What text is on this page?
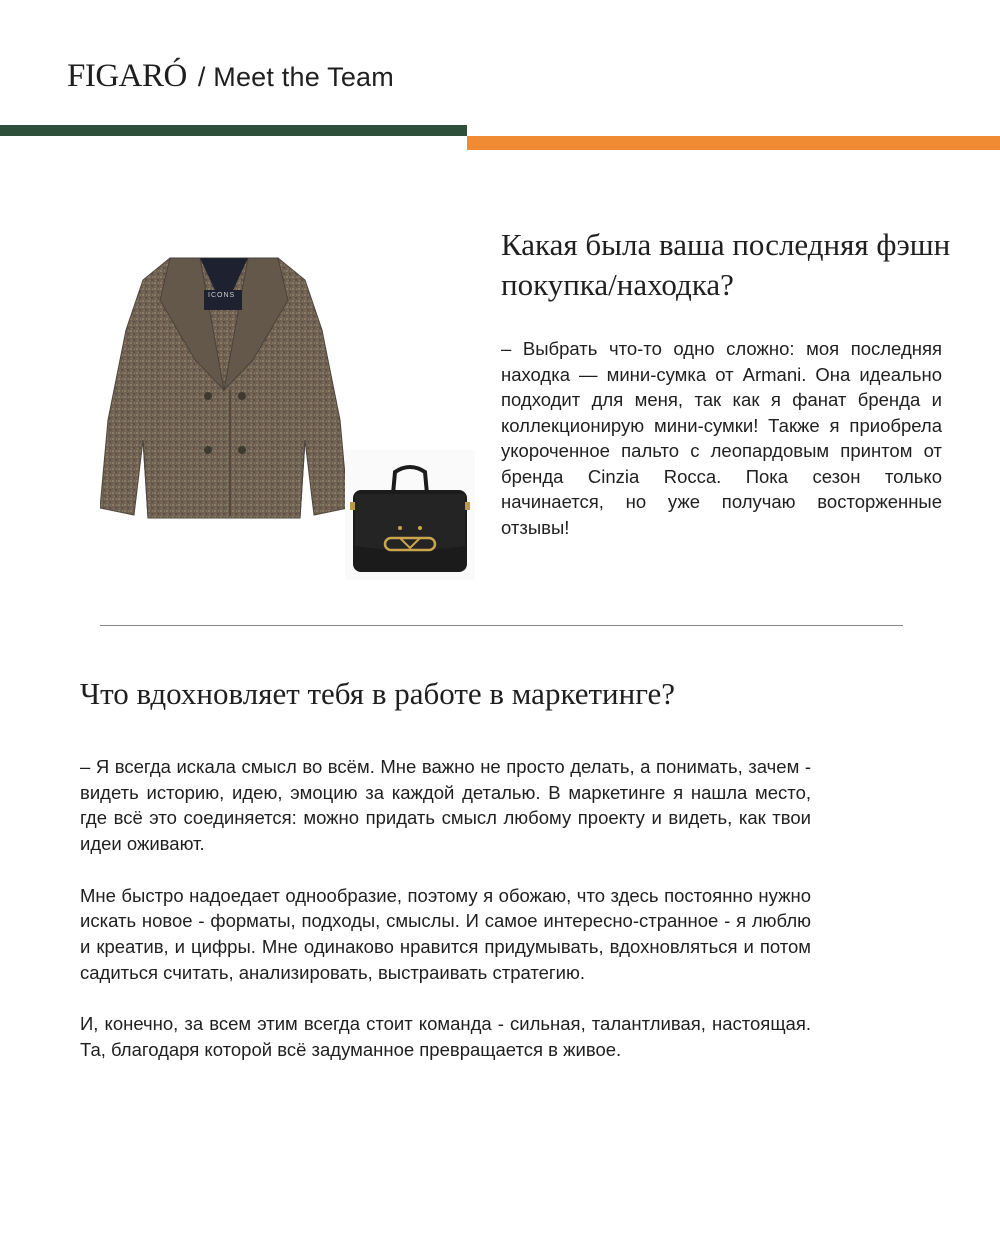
FIGARÓ / Meet the Team
ICONS
Какая была ваша последняя фэшн покупка/находка?
– Выбрать что-то одно сложно: моя последняя находка — мини-сумка от Armani. Она идеально подходит для меня, так как я фанат бренда и коллекционирую мини-сумки! Также я приобрела укороченное пальто с леопардовым принтом от бренда Cinzia Rocca. Пока сезон только начинается, но уже получаю восторженные отзывы!
Что вдохновляет тебя в работе в маркетинге?

– Я всегда искала смысл во всём. Мне важно не просто делать, а понимать, зачем - видеть историю, идею, эмоцию за каждой деталью. В маркетинге я нашла место, где всё это соединяется: можно придать смысл любому проекту и видеть, как твои идеи оживают.

Мне быстро надоедает однообразие, поэтому я обожаю, что здесь постоянно нужно искать новое - форматы, подходы, смыслы. И самое интересно-странное - я люблю и креатив, и цифры. Мне одинаково нравится придумывать, вдохновляться и потом садиться считать, анализировать, выстраивать стратегию.

И, конечно, за всем этим всегда стоит команда - сильная, талантливая, настоящая. Та, благодаря которой всё задуманное превращается в живое.
